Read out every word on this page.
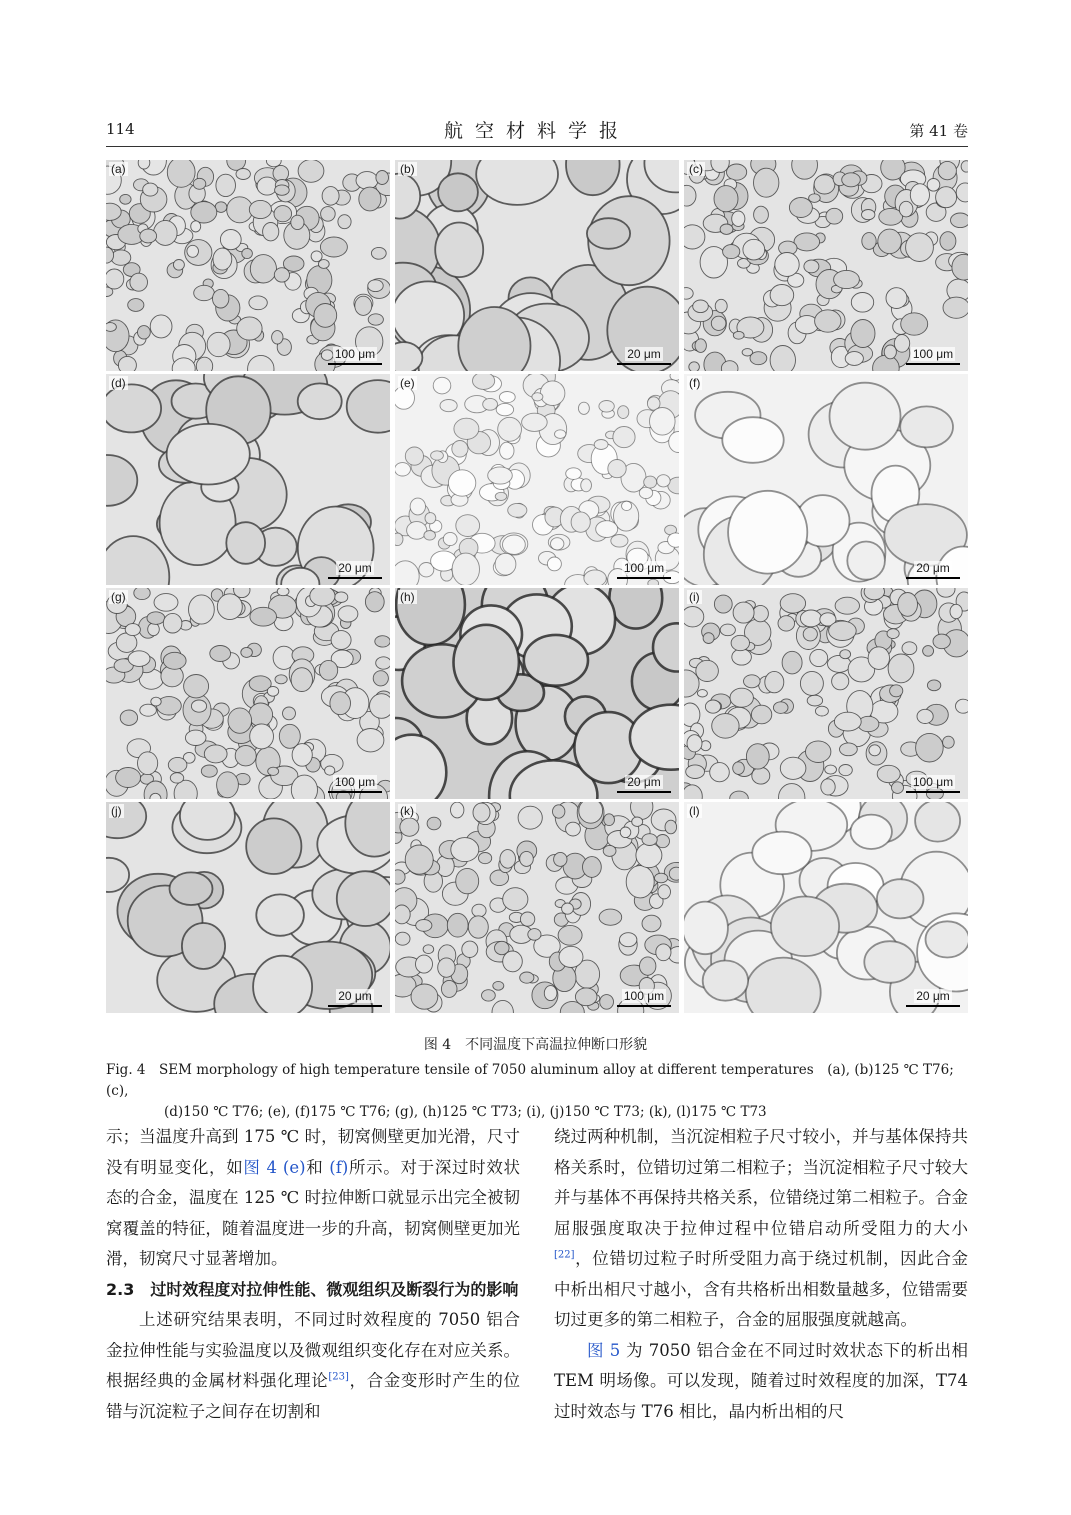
114	航空材料学报	第 41 卷
(a)
100 μm
(b)
20 μm
(c)
100 μm
(d)
20 μm
(e)
100 μm
(f)
20 μm
(g)
100 μm
(h)
20 μm
(i)
100 μm
(j)
20 μm
(k)
100 μm
(l)
20 μm
图 4　不同温度下高温拉伸断口形貌
Fig. 4　SEM morphology of high temperature tensile of 7050 aluminum alloy at different temperatures　(a), (b)125 ℃ T76; (c),
(d)150 ℃ T76; (e), (f)175 ℃ T76; (g), (h)125 ℃ T73; (i), (j)150 ℃ T73; (k), (l)175 ℃ T73

示；当温度升高到 175 ℃ 时，韧窝侧壁更加光滑，尺寸没有明显变化，如图 4 (e)和 (f)所示。对于深过时效状态的合金，温度在 125 ℃ 时拉伸断口就显示出完全被韧窝覆盖的特征，随着温度进一步的升高，韧窝侧壁更加光滑，韧窝尺寸显著增加。

2.3　过时效程度对拉伸性能、微观组织及断裂行为的影响

上述研究结果表明，不同过时效程度的 7050 铝合金拉伸性能与实验温度以及微观组织变化存在对应关系。根据经典的金属材料强化理论[23]，合金变形时产生的位错与沉淀粒子之间存在切割和

绕过两种机制，当沉淀相粒子尺寸较小，并与基体保持共格关系时，位错切过第二相粒子；当沉淀相粒子尺寸较大并与基体不再保持共格关系，位错绕过第二相粒子。合金屈服强度取决于拉伸过程中位错启动所受阻力的大小[22]，位错切过粒子时所受阻力高于绕过机制，因此合金中析出相尺寸越小，含有共格析出相数量越多，位错需要切过更多的第二相粒子，合金的屈服强度就越高。

图 5 为 7050 铝合金在不同过时效状态下的析出相 TEM 明场像。可以发现，随着过时效程度的加深，T74 过时效态与 T76 相比，晶内析出相的尺
